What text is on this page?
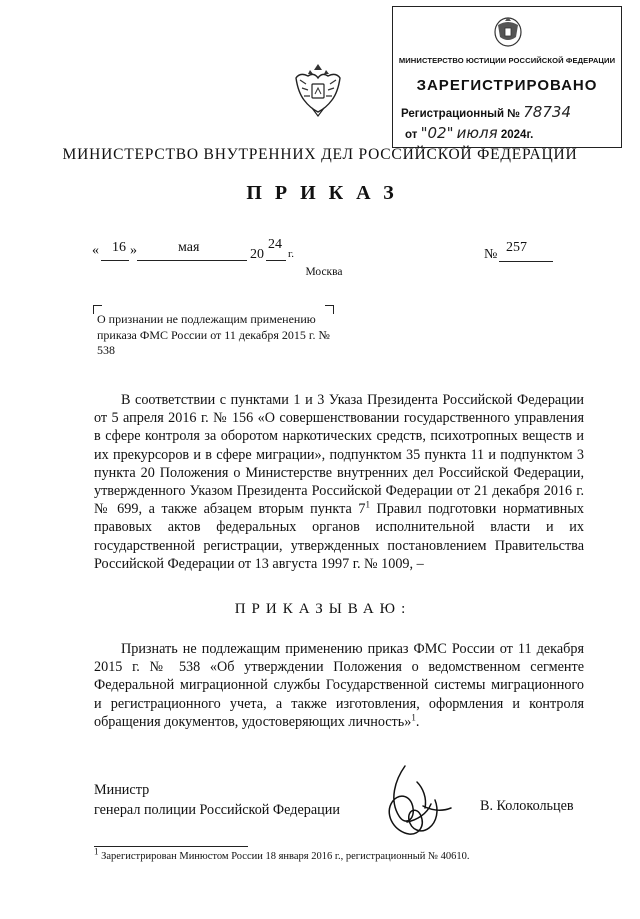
МИНИСТЕРСТВО ЮСТИЦИИ РОССИЙСКОЙ ФЕДЕРАЦИИ
ЗАРЕГИСТРИРОВАНО
Регистрационный № 78734
от "02" июля 2024г.
МИНИСТЕРСТВО ВНУТРЕННИХ ДЕЛ РОССИЙСКОЙ ФЕДЕРАЦИИ
ПРИКАЗ
« 16 »	мая	20
24
г.	№ 257
Москва
О признании не подлежащим применению приказа ФМС России от 11 декабря 2015 г. № 538

В соответствии с пунктами 1 и 3 Указа Президента Российской Федерации от 5 апреля 2016 г. № 156 «О совершенствовании государственного управления в сфере контроля за оборотом наркотических средств, психотропных веществ и их прекурсоров и в сфере миграции», подпунктом 35 пункта 11 и подпунктом 3 пункта 20 Положения о Министерстве внутренних дел Российской Федерации, утвержденного Указом Президента Российской Федерации от 21 декабря 2016 г. № 699, а также абзацем вторым пункта $7^1$ Правил подготовки нормативных правовых актов федеральных органов исполнительной власти и их государственной регистрации, утвержденных постановлением Правительства Российской Федерации от 13 августа 1997 г. № 1009, –

ПРИКАЗЫВАЮ:

Признать не подлежащим применению приказ ФМС России от 11 декабря 2015 г. № 538 «Об утверждении Положения о ведомственном сегменте Федеральной миграционной службы Государственной системы миграционного и регистрационного учета, а также изготовления, оформления и контроля обращения документов, удостоверяющих личность»$^1$.

Министр
генерал полиции Российской Федерации	В. Колокольцев
$^1$ Зарегистрирован Минюстом России 18 января 2016 г., регистрационный № 40610.
